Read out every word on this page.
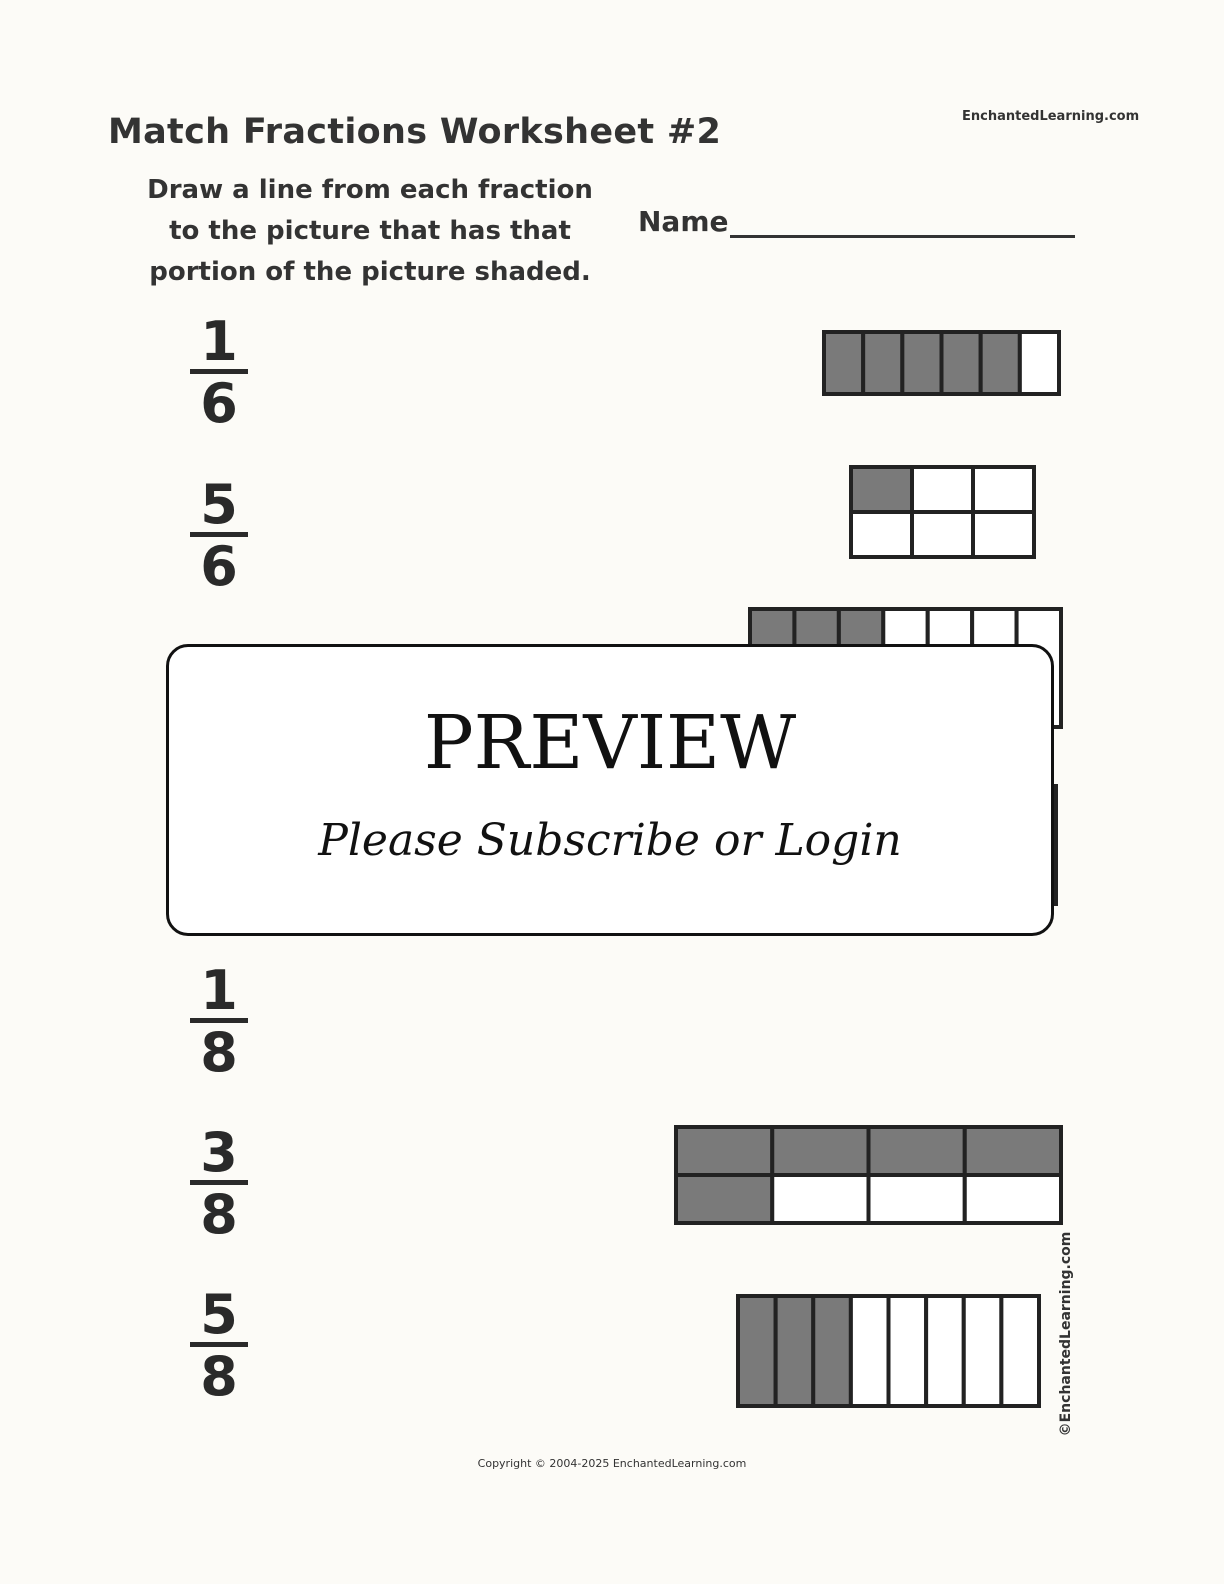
Match Fractions Worksheet #2	EnchantedLearning.com
Draw a line from each fraction
to the picture that has that
portion of the picture shaded.
Name
1
6
5
6
1
8
3
8
5
8
PREVIEW
Please Subscribe or Login
©EnchantedLearning.com
Copyright © 2004-2025 EnchantedLearning.com
